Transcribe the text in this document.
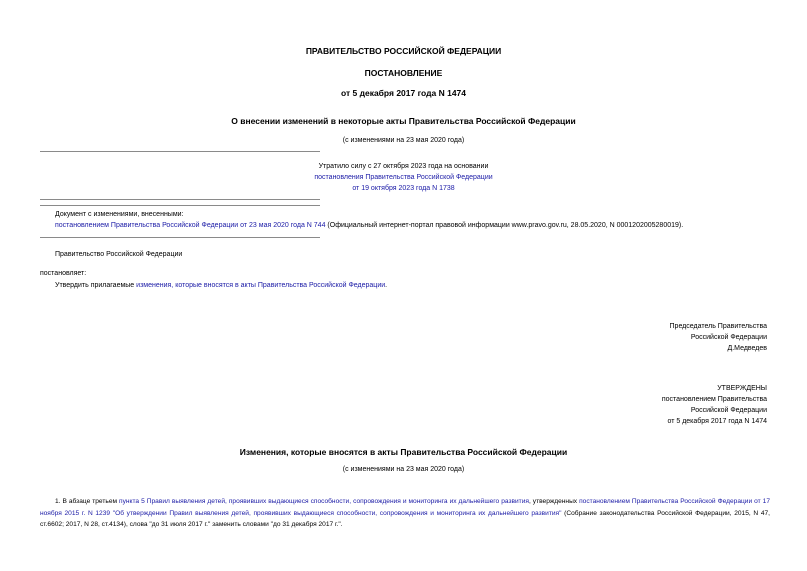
ПРАВИТЕЛЬСТВО РОССИЙСКОЙ ФЕДЕРАЦИИ
ПОСТАНОВЛЕНИЕ
от 5 декабря 2017 года N 1474
О внесении изменений в некоторые акты Правительства Российской Федерации
(с изменениями на 23 мая 2020 года)
Утратило силу с 27 октября 2023 года на основании
постановления Правительства Российской Федерации
от 19 октября 2023 года N 1738
Документ с изменениями, внесенными:
постановлением Правительства Российской Федерации от 23 мая 2020 года N 744 (Официальный интернет-портал правовой информации www.pravo.gov.ru, 28.05.2020, N 0001202005280019).
Правительство Российской Федерации
постановляет:
Утвердить прилагаемые изменения, которые вносятся в акты Правительства Российской Федерации.
Председатель Правительства
Российской Федерации
Д.Медведев
УТВЕРЖДЕНЫ
постановлением Правительства
Российской Федерации
от 5 декабря 2017 года N 1474
Изменения, которые вносятся в акты Правительства Российской Федерации
(с изменениями на 23 мая 2020 года)
1. В абзаце третьем пункта 5 Правил выявления детей, проявивших выдающиеся способности, сопровождения и мониторинга их дальнейшего развития, утвержденных постановлением Правительства Российской Федерации от 17 ноября 2015 г. N 1239 "Об утверждении Правил выявления детей, проявивших выдающиеся способности, сопровождения и мониторинга их дальнейшего развития" (Собрание законодательства Российской Федерации, 2015, N 47, ст.6602; 2017, N 28, ст.4134), слова "до 31 июля 2017 г." заменить словами "до 31 декабря 2017 г.".
